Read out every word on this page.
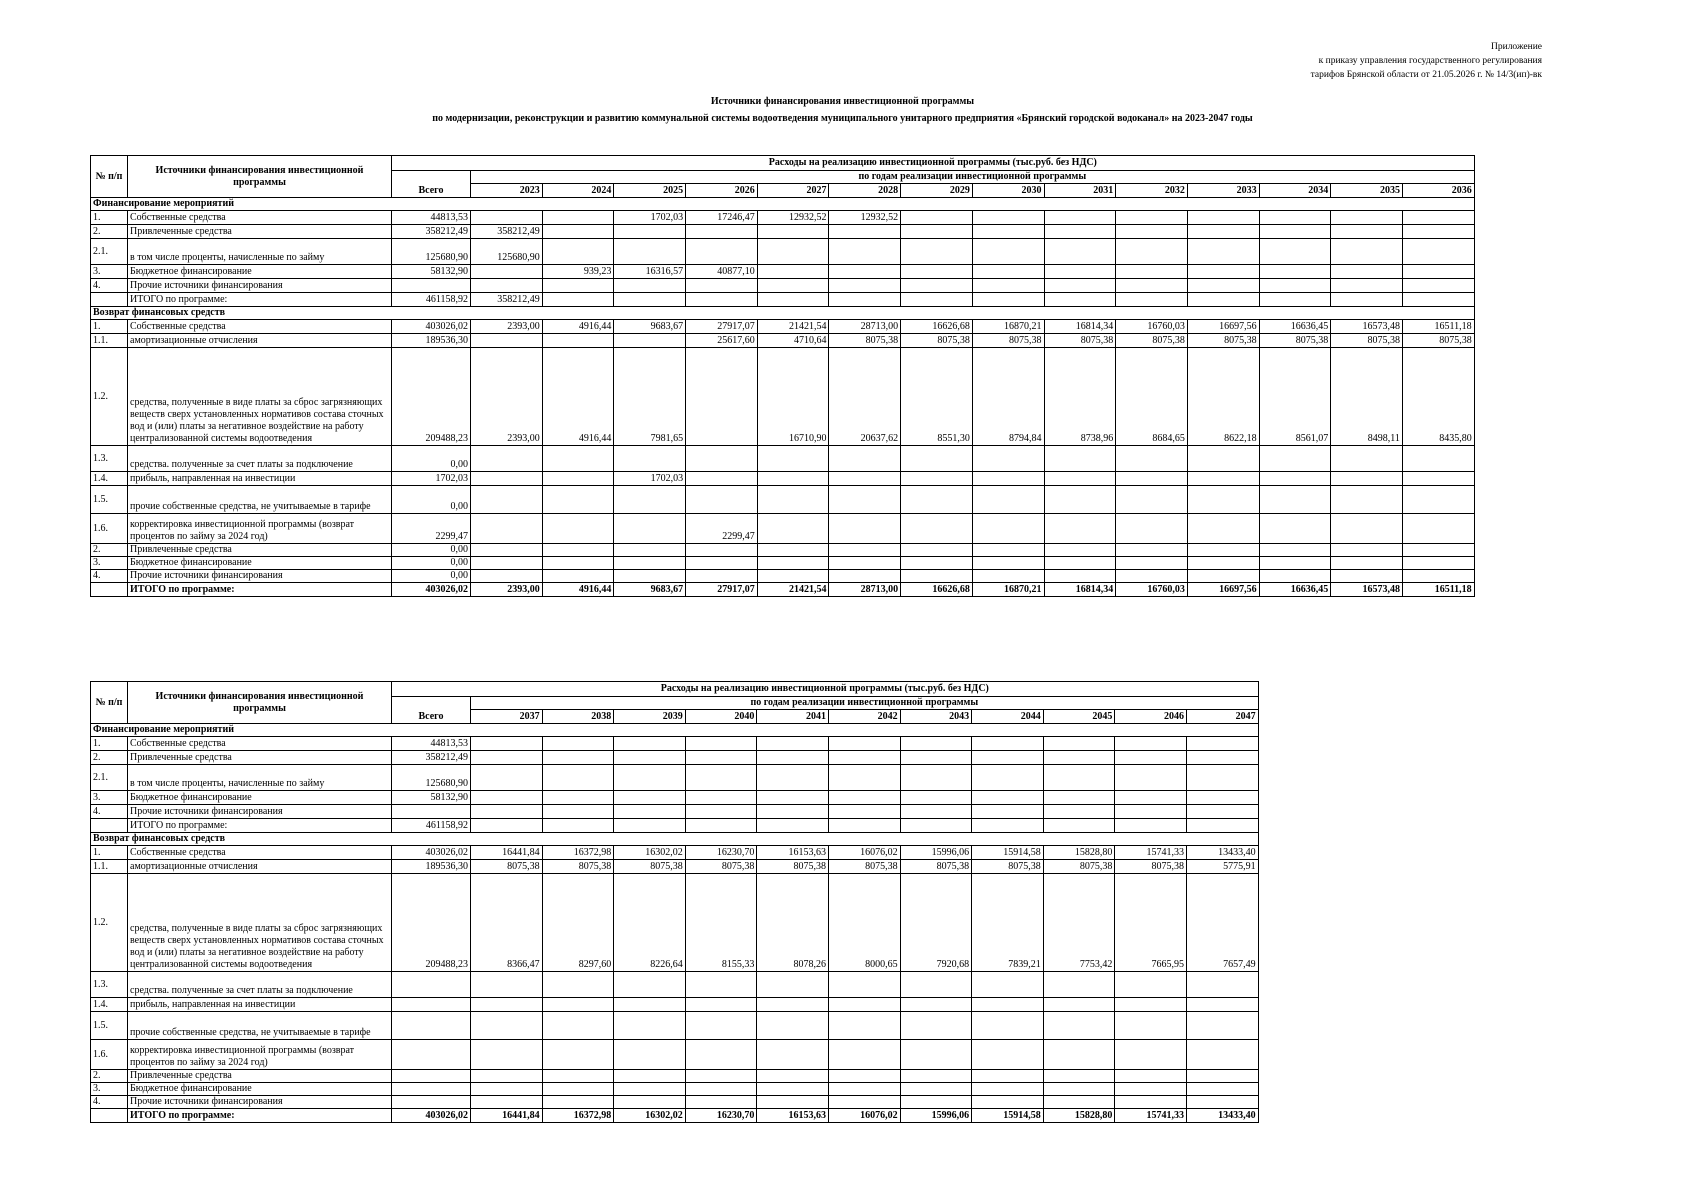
Приложение
к приказу управления государственного регулирования
тарифов Брянской области от 21.05.2026 г. № 14/3(ип)-вк
Источники финансирования инвестиционной программы
по модернизации, реконструкции и развитию коммунальной системы водоотведения муниципального унитарного предприятия «Брянский городской водоканал» на 2023-2047 годы
№ п/п	Источники финансирования инвестиционной программы	Расходы на реализацию инвестиционной программы (тыс.руб. без НДС)														
		Всего	по годам реализации инвестиционной программы													
			2023	2024	2025	2026	2027	2028	2029	2030	2031	2032	2033	2034	2035	2036
Финансирование мероприятий																
1.	Собственные средства	44813,53			1702,03	17246,47	12932,52	12932,52								
2.	Привлеченные средства	358212,49	358212,49													
2.1.	в том числе проценты, начисленные по займу	125680,90	125680,90													
3.	Бюджетное финансирование	58132,90		939,23	16316,57	40877,10										
4.	Прочие источники финансирования															
	ИТОГО по программе:	461158,92	358212,49													
Возврат финансовых средств																
1.	Собственные средства	403026,02	2393,00	4916,44	9683,67	27917,07	21421,54	28713,00	16626,68	16870,21	16814,34	16760,03	16697,56	16636,45	16573,48	16511,18
1.1.	амортизационные отчисления	189536,30				25617,60	4710,64	8075,38	8075,38	8075,38	8075,38	8075,38	8075,38	8075,38	8075,38	8075,38
1.2.	средства, полученные в виде платы за сброс загрязняющих веществ сверх установленных нормативов состава сточных вод и (или) платы за негативное воздействие на работу централизованной системы водоотведения	209488,23	2393,00	4916,44	7981,65		16710,90	20637,62	8551,30	8794,84	8738,96	8684,65	8622,18	8561,07	8498,11	8435,80
1.3.	средства. полученные за счет платы за подключение	0,00														
1.4.	прибыль, направленная на инвестиции	1702,03			1702,03											
1.5.	прочие собственные средства, не учитываемые в тарифе	0,00														
1.6.	корректировка инвестиционной программы (возврат процентов по займу за 2024 год)	2299,47				2299,47										
2.	Привлеченные средства	0,00														
3.	Бюджетное финансирование	0,00														
4.	Прочие источники финансирования	0,00														
	ИТОГО по программе:	403026,02	2393,00	4916,44	9683,67	27917,07	21421,54	28713,00	16626,68	16870,21	16814,34	16760,03	16697,56	16636,45	16573,48	16511,18
№ п/п	Источники финансирования инвестиционной программы	Расходы на реализацию инвестиционной программы (тыс.руб. без НДС)											
		Всего	по годам реализации инвестиционной программы										
			2037	2038	2039	2040	2041	2042	2043	2044	2045	2046	2047
Финансирование мероприятий													
1.	Собственные средства	44813,53											
2.	Привлеченные средства	358212,49											
2.1.	в том числе проценты, начисленные по займу	125680,90											
3.	Бюджетное финансирование	58132,90											
4.	Прочие источники финансирования												
	ИТОГО по программе:	461158,92											
Возврат финансовых средств													
1.	Собственные средства	403026,02	16441,84	16372,98	16302,02	16230,70	16153,63	16076,02	15996,06	15914,58	15828,80	15741,33	13433,40
1.1.	амортизационные отчисления	189536,30	8075,38	8075,38	8075,38	8075,38	8075,38	8075,38	8075,38	8075,38	8075,38	8075,38	5775,91
1.2.	средства, полученные в виде платы за сброс загрязняющих веществ сверх установленных нормативов состава сточных вод и (или) платы за негативное воздействие на работу централизованной системы водоотведения	209488,23	8366,47	8297,60	8226,64	8155,33	8078,26	8000,65	7920,68	7839,21	7753,42	7665,95	7657,49
1.3.	средства. полученные за счет платы за подключение												
1.4.	прибыль, направленная на инвестиции												
1.5.	прочие собственные средства, не учитываемые в тарифе												
1.6.	корректировка инвестиционной программы (возврат процентов по займу за 2024 год)												
2.	Привлеченные средства												
3.	Бюджетное финансирование												
4.	Прочие источники финансирования												
	ИТОГО по программе:	403026,02	16441,84	16372,98	16302,02	16230,70	16153,63	16076,02	15996,06	15914,58	15828,80	15741,33	13433,40
